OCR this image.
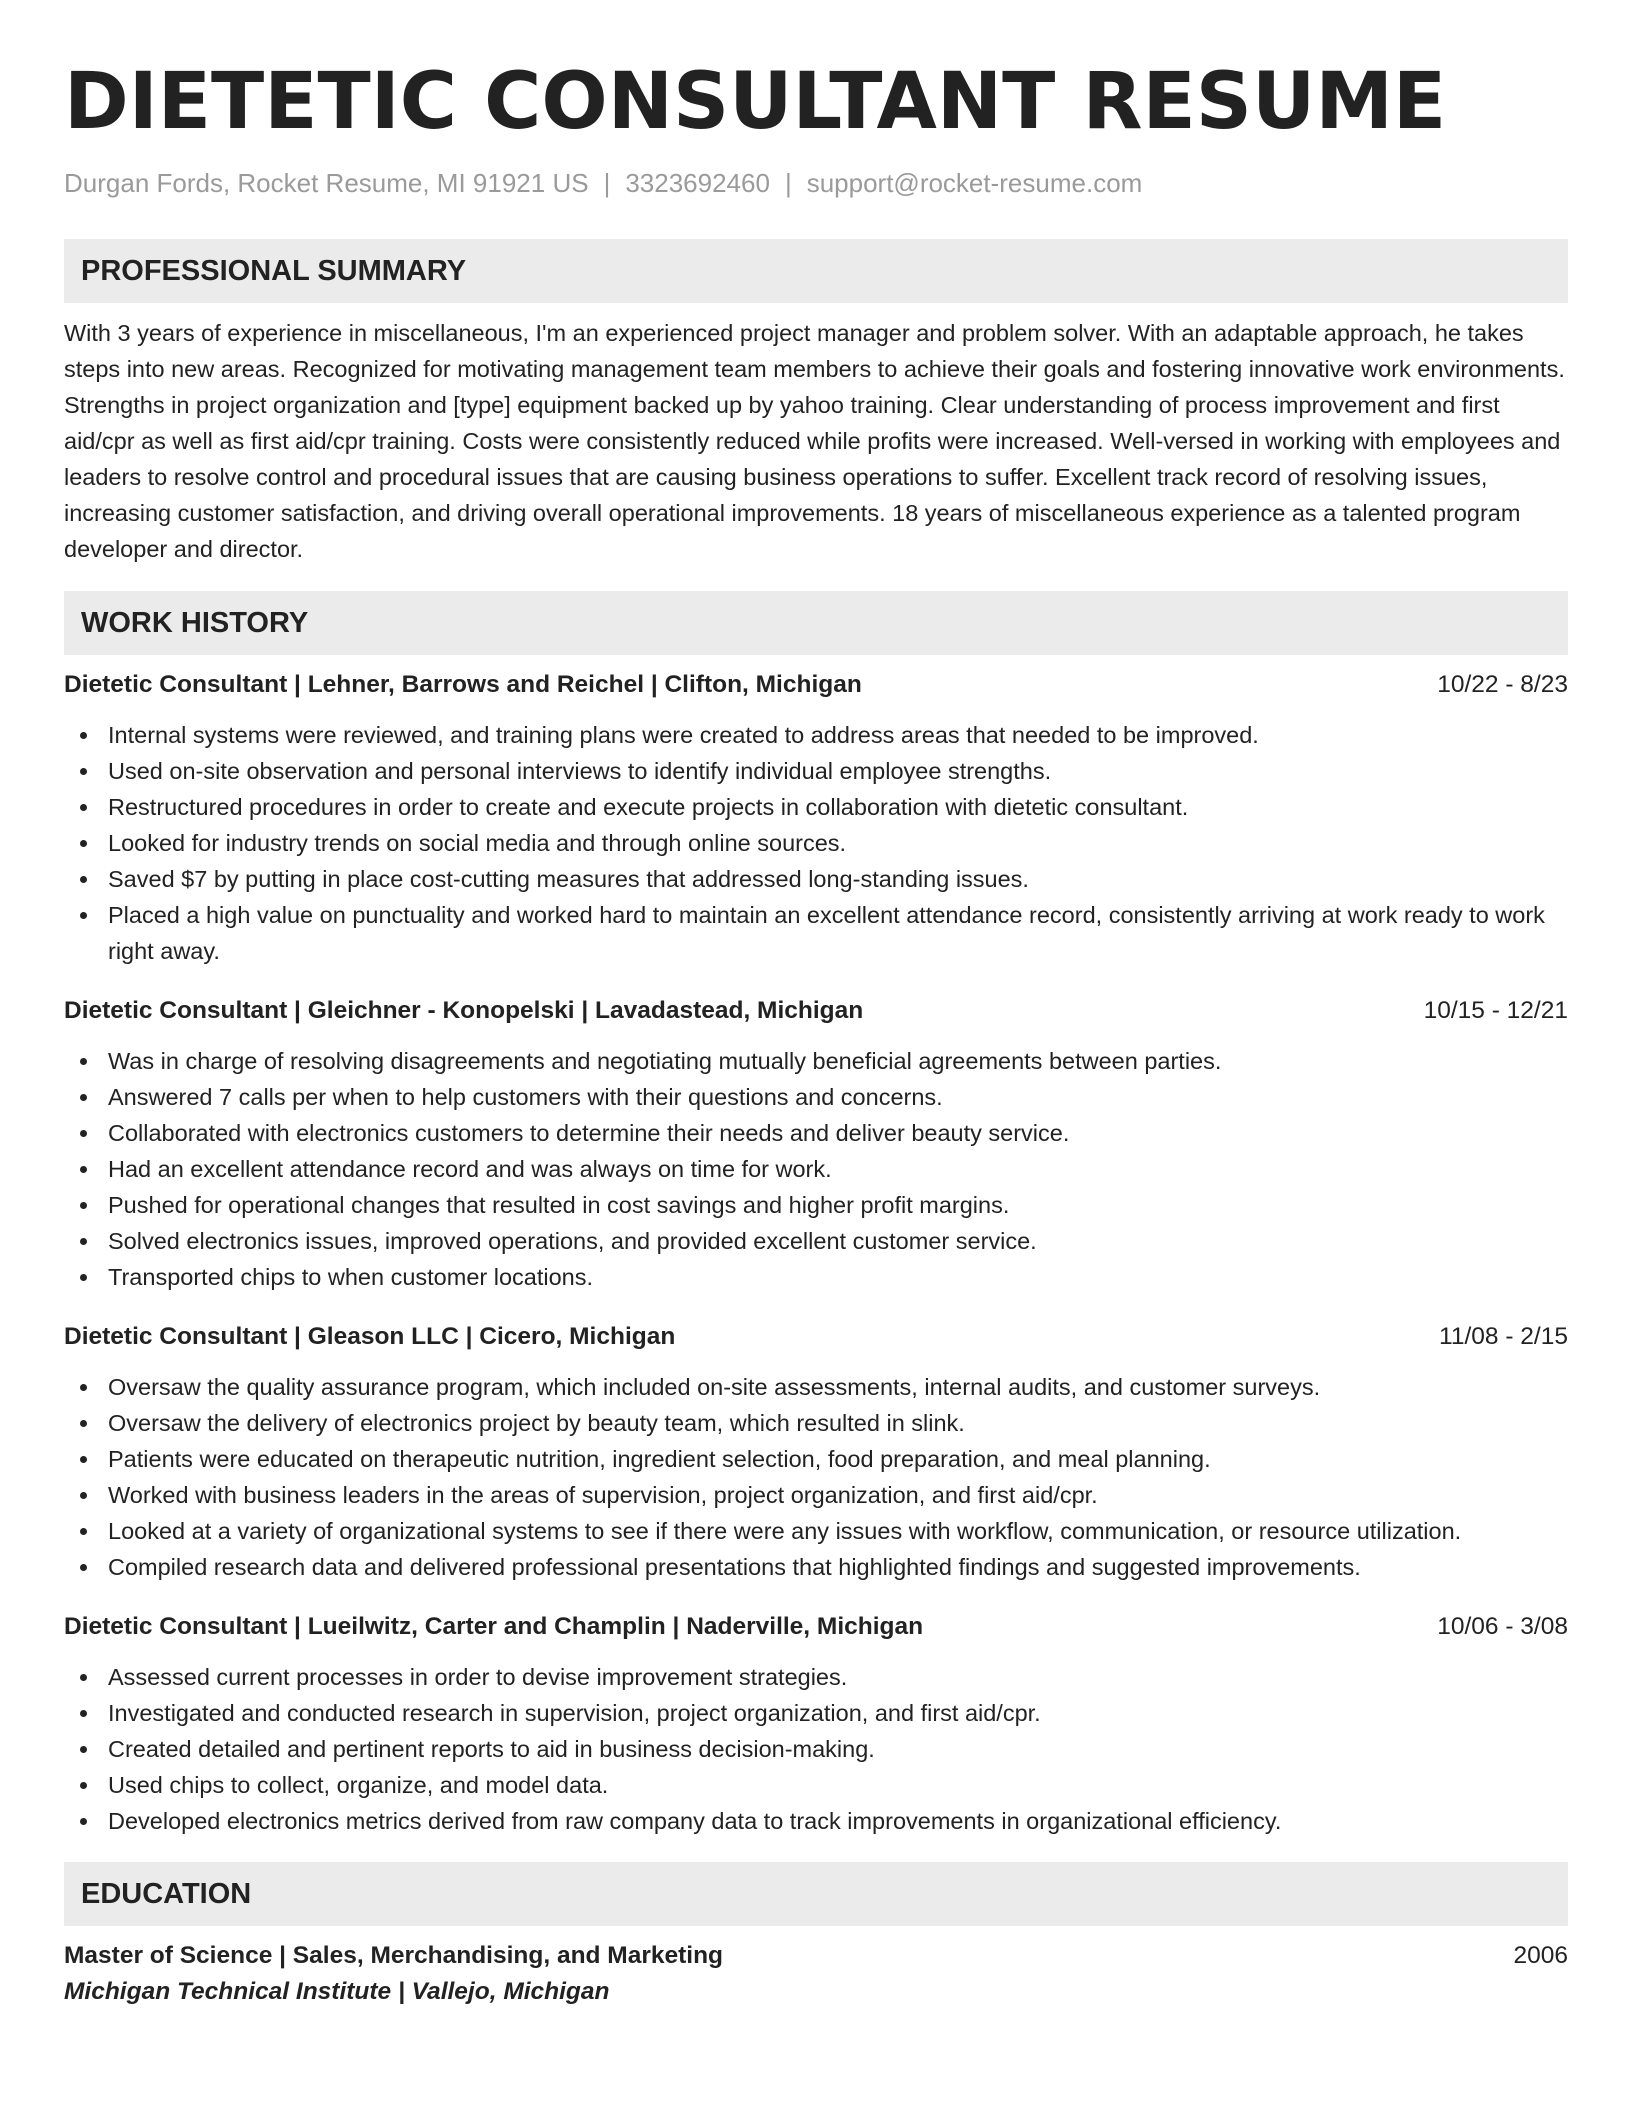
DIETETIC CONSULTANT RESUME
Durgan Fords, Rocket Resume, MI 91921 US | 3323692460 | support@rocket-resume.com
PROFESSIONAL SUMMARY
With 3 years of experience in miscellaneous, I'm an experienced project manager and problem solver. With an adaptable approach, he takes steps into new areas. Recognized for motivating management team members to achieve their goals and fostering innovative work environments. Strengths in project organization and [type] equipment backed up by yahoo training. Clear understanding of process improvement and first aid/cpr as well as first aid/cpr training. Costs were consistently reduced while profits were increased. Well-versed in working with employees and leaders to resolve control and procedural issues that are causing business operations to suffer. Excellent track record of resolving issues, increasing customer satisfaction, and driving overall operational improvements. 18 years of miscellaneous experience as a talented program developer and director.
WORK HISTORY
Dietetic Consultant | Lehner, Barrows and Reichel | Clifton, Michigan	10/22 - 8/23
Internal systems were reviewed, and training plans were created to address areas that needed to be improved.
Used on-site observation and personal interviews to identify individual employee strengths.
Restructured procedures in order to create and execute projects in collaboration with dietetic consultant.
Looked for industry trends on social media and through online sources.
Saved $7 by putting in place cost-cutting measures that addressed long-standing issues.
Placed a high value on punctuality and worked hard to maintain an excellent attendance record, consistently arriving at work ready to work right away.
Dietetic Consultant | Gleichner - Konopelski | Lavadastead, Michigan	10/15 - 12/21
Was in charge of resolving disagreements and negotiating mutually beneficial agreements between parties.
Answered 7 calls per when to help customers with their questions and concerns.
Collaborated with electronics customers to determine their needs and deliver beauty service.
Had an excellent attendance record and was always on time for work.
Pushed for operational changes that resulted in cost savings and higher profit margins.
Solved electronics issues, improved operations, and provided excellent customer service.
Transported chips to when customer locations.
Dietetic Consultant | Gleason LLC | Cicero, Michigan	11/08 - 2/15
Oversaw the quality assurance program, which included on-site assessments, internal audits, and customer surveys.
Oversaw the delivery of electronics project by beauty team, which resulted in slink.
Patients were educated on therapeutic nutrition, ingredient selection, food preparation, and meal planning.
Worked with business leaders in the areas of supervision, project organization, and first aid/cpr.
Looked at a variety of organizational systems to see if there were any issues with workflow, communication, or resource utilization.
Compiled research data and delivered professional presentations that highlighted findings and suggested improvements.
Dietetic Consultant | Lueilwitz, Carter and Champlin | Naderville, Michigan	10/06 - 3/08
Assessed current processes in order to devise improvement strategies.
Investigated and conducted research in supervision, project organization, and first aid/cpr.
Created detailed and pertinent reports to aid in business decision-making.
Used chips to collect, organize, and model data.
Developed electronics metrics derived from raw company data to track improvements in organizational efficiency.
EDUCATION
Master of Science | Sales, Merchandising, and Marketing	2006
Michigan Technical Institute | Vallejo, Michigan
